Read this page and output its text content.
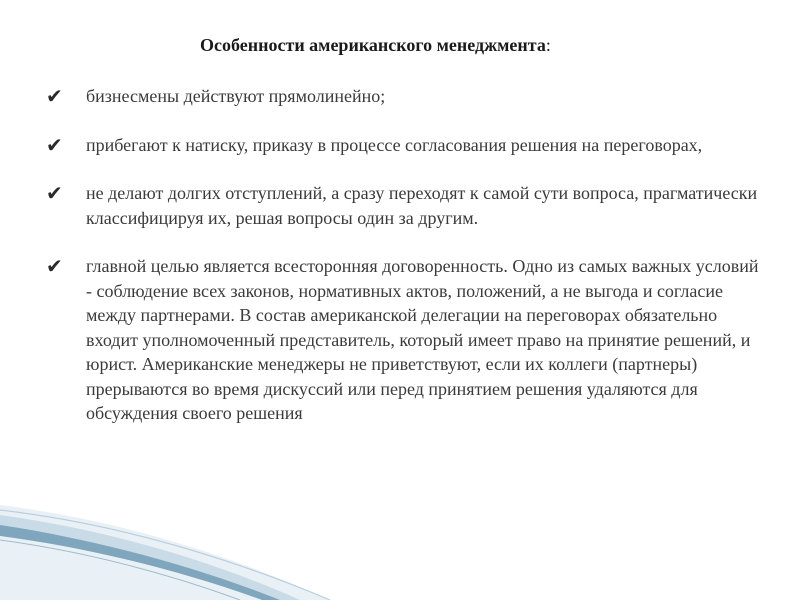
Особенности американского менеджмента:
✔	бизнесмены действуют прямолинейно;
✔	прибегают к натиску, приказу в процессе согласования решения на переговорах,
✔	не делают долгих отступлений, а сразу переходят к самой сути вопроса, прагматически классифицируя их, решая вопросы один за другим.
✔	главной целью является всесторонняя договоренность. Одно из самых важных условий - соблюдение всех законов, нормативных актов, положений, а не выгода и согласие между партнерами. В состав американской делегации на переговорах обязательно входит уполномоченный представитель, который имеет право на принятие решений, и юрист. Американские менеджеры не приветствуют, если их коллеги (партнеры) прерываются во время дискуссий или перед принятием решения удаляются для обсуждения своего решения
